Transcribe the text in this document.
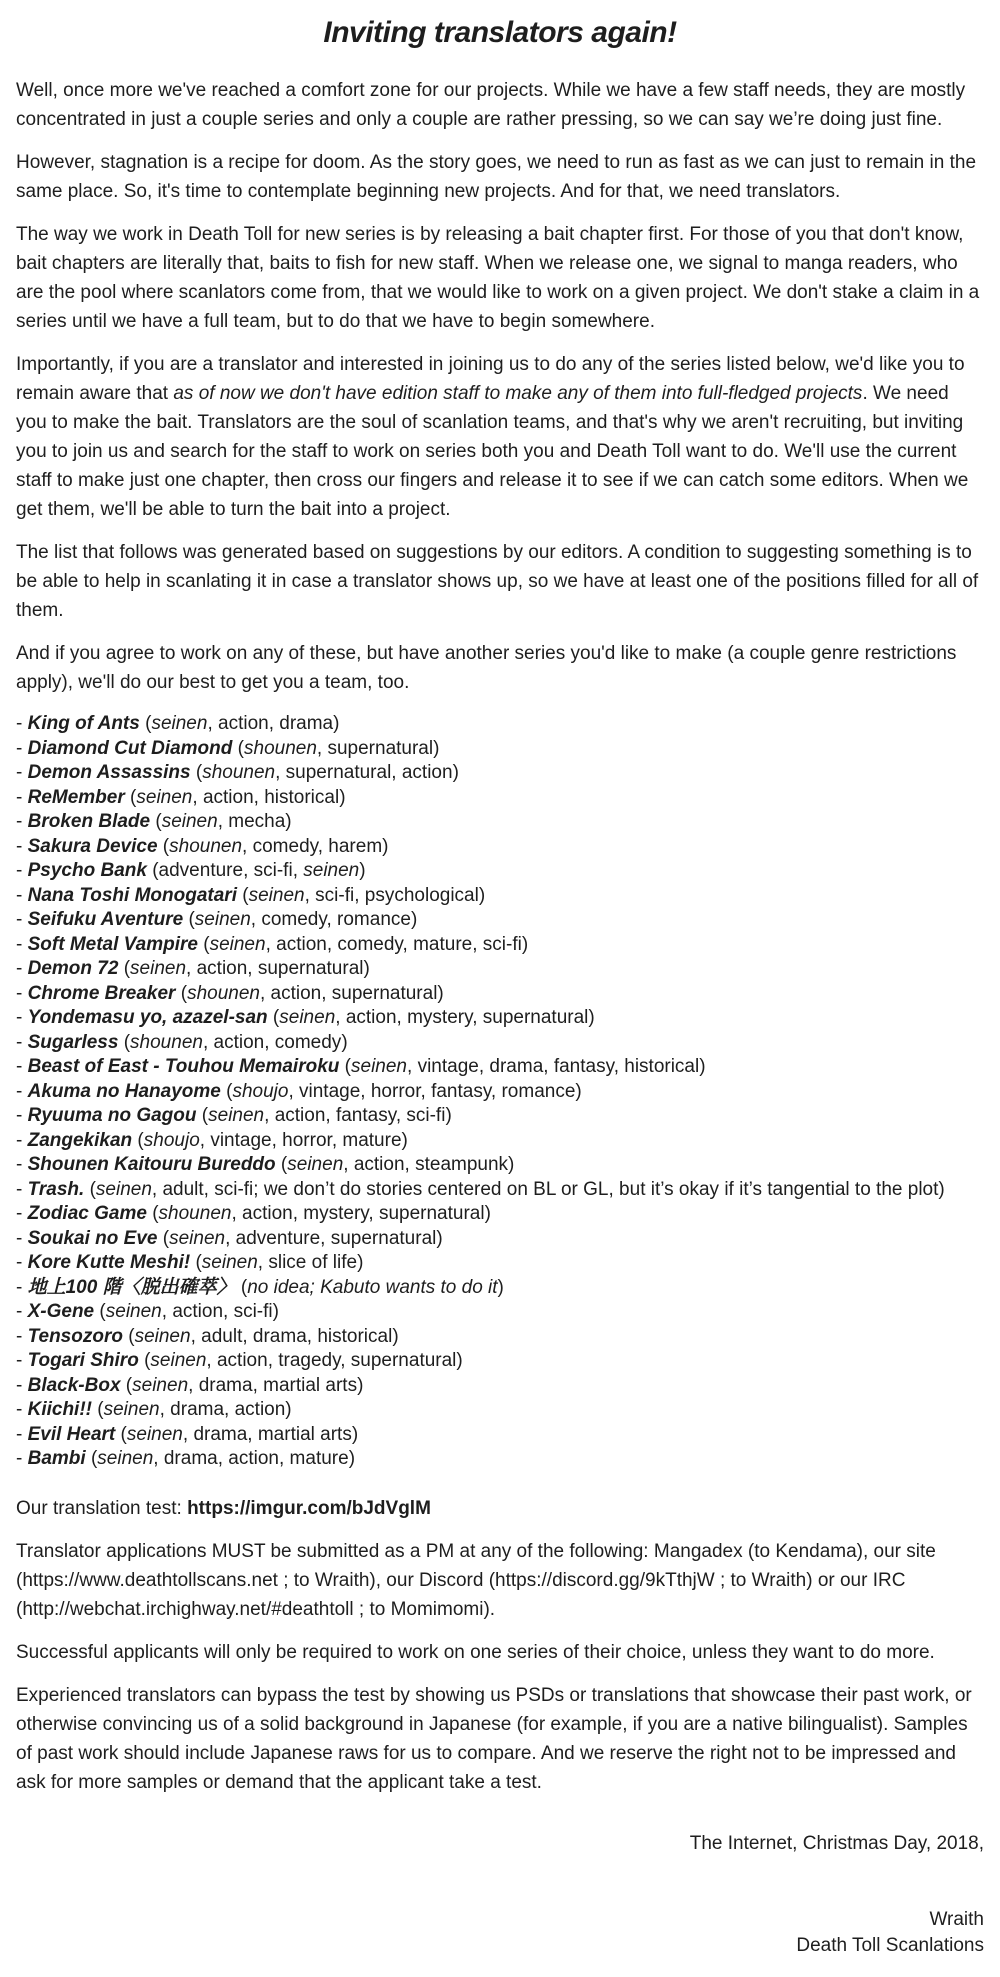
Inviting translators again!

Well, once more we've reached a comfort zone for our projects. While we have a few staff needs, they are mostly concentrated in just a couple series and only a couple are rather pressing, so we can say we’re doing just fine.

However, stagnation is a recipe for doom. As the story goes, we need to run as fast as we can just to remain in the same place. So, it's time to contemplate beginning new projects. And for that, we need translators.

The way we work in Death Toll for new series is by releasing a bait chapter first. For those of you that don't know, bait chapters are literally that, baits to fish for new staff. When we release one, we signal to manga readers, who are the pool where scanlators come from, that we would like to work on a given project. We don't stake a claim in a series until we have a full team, but to do that we have to begin somewhere.

Importantly, if you are a translator and interested in joining us to do any of the series listed below, we'd like you to remain aware that as of now we don't have edition staff to make any of them into full-fledged projects. We need you to make the bait. Translators are the soul of scanlation teams, and that's why we aren't recruiting, but inviting you to join us and search for the staff to work on series both you and Death Toll want to do. We'll use the current staff to make just one chapter, then cross our fingers and release it to see if we can catch some editors. When we get them, we'll be able to turn the bait into a project.

The list that follows was generated based on suggestions by our editors. A condition to suggesting something is to be able to help in scanlating it in case a translator shows up, so we have at least one of the positions filled for all of them.

And if you agree to work on any of these, but have another series you'd like to make (a couple genre restrictions apply), we'll do our best to get you a team, too.

- King of Ants (seinen, action, drama)
- Diamond Cut Diamond (shounen, supernatural)
- Demon Assassins (shounen, supernatural, action)
- ReMember (seinen, action, historical)
- Broken Blade (seinen, mecha)
- Sakura Device (shounen, comedy, harem)
- Psycho Bank (adventure, sci-fi, seinen)
- Nana Toshi Monogatari (seinen, sci-fi, psychological)
- Seifuku Aventure (seinen, comedy, romance)
- Soft Metal Vampire (seinen, action, comedy, mature, sci-fi)
- Demon 72 (seinen, action, supernatural)
- Chrome Breaker (shounen, action, supernatural)
- Yondemasu yo, azazel-san (seinen, action, mystery, supernatural)
- Sugarless (shounen, action, comedy)
- Beast of East - Touhou Memairoku (seinen, vintage, drama, fantasy, historical)
- Akuma no Hanayome (shoujo, vintage, horror, fantasy, romance)
- Ryuuma no Gagou (seinen, action, fantasy, sci-fi)
- Zangekikan (shoujo, vintage, horror, mature)
- Shounen Kaitouru Bureddo (seinen, action, steampunk)
- Trash. (seinen, adult, sci-fi; we don’t do stories centered on BL or GL, but it’s okay if it’s tangential to the plot)
- Zodiac Game (shounen, action, mystery, supernatural)
- Soukai no Eve (seinen, adventure, supernatural)
- Kore Kutte Meshi! (seinen, slice of life)
- 地上100 階〈脱出確萃〉 (no idea; Kabuto wants to do it)
- X-Gene (seinen, action, sci-fi)
- Tensozoro (seinen, adult, drama, historical)
- Togari Shiro (seinen, action, tragedy, supernatural)
- Black-Box (seinen, drama, martial arts)
- Kiichi!! (seinen, drama, action)
- Evil Heart (seinen, drama, martial arts)
- Bambi (seinen, drama, action, mature)

Our translation test: https://imgur.com/bJdVglM

Translator applications MUST be submitted as a PM at any of the following: Mangadex (to Kendama), our site (https://www.deathtollscans.net ; to Wraith), our Discord (https://discord.gg/9kTthjW ; to Wraith) or our IRC (http://webchat.irchighway.net/#deathtoll ; to Momimomi).

Successful applicants will only be required to work on one series of their choice, unless they want to do more.

Experienced translators can bypass the test by showing us PSDs or translations that showcase their past work, or otherwise convincing us of a solid background in Japanese (for example, if you are a native bilingualist). Samples of past work should include Japanese raws for us to compare. And we reserve the right not to be impressed and ask for more samples or demand that the applicant take a test.

The Internet, Christmas Day, 2018,
Wraith
Death Toll Scanlations
